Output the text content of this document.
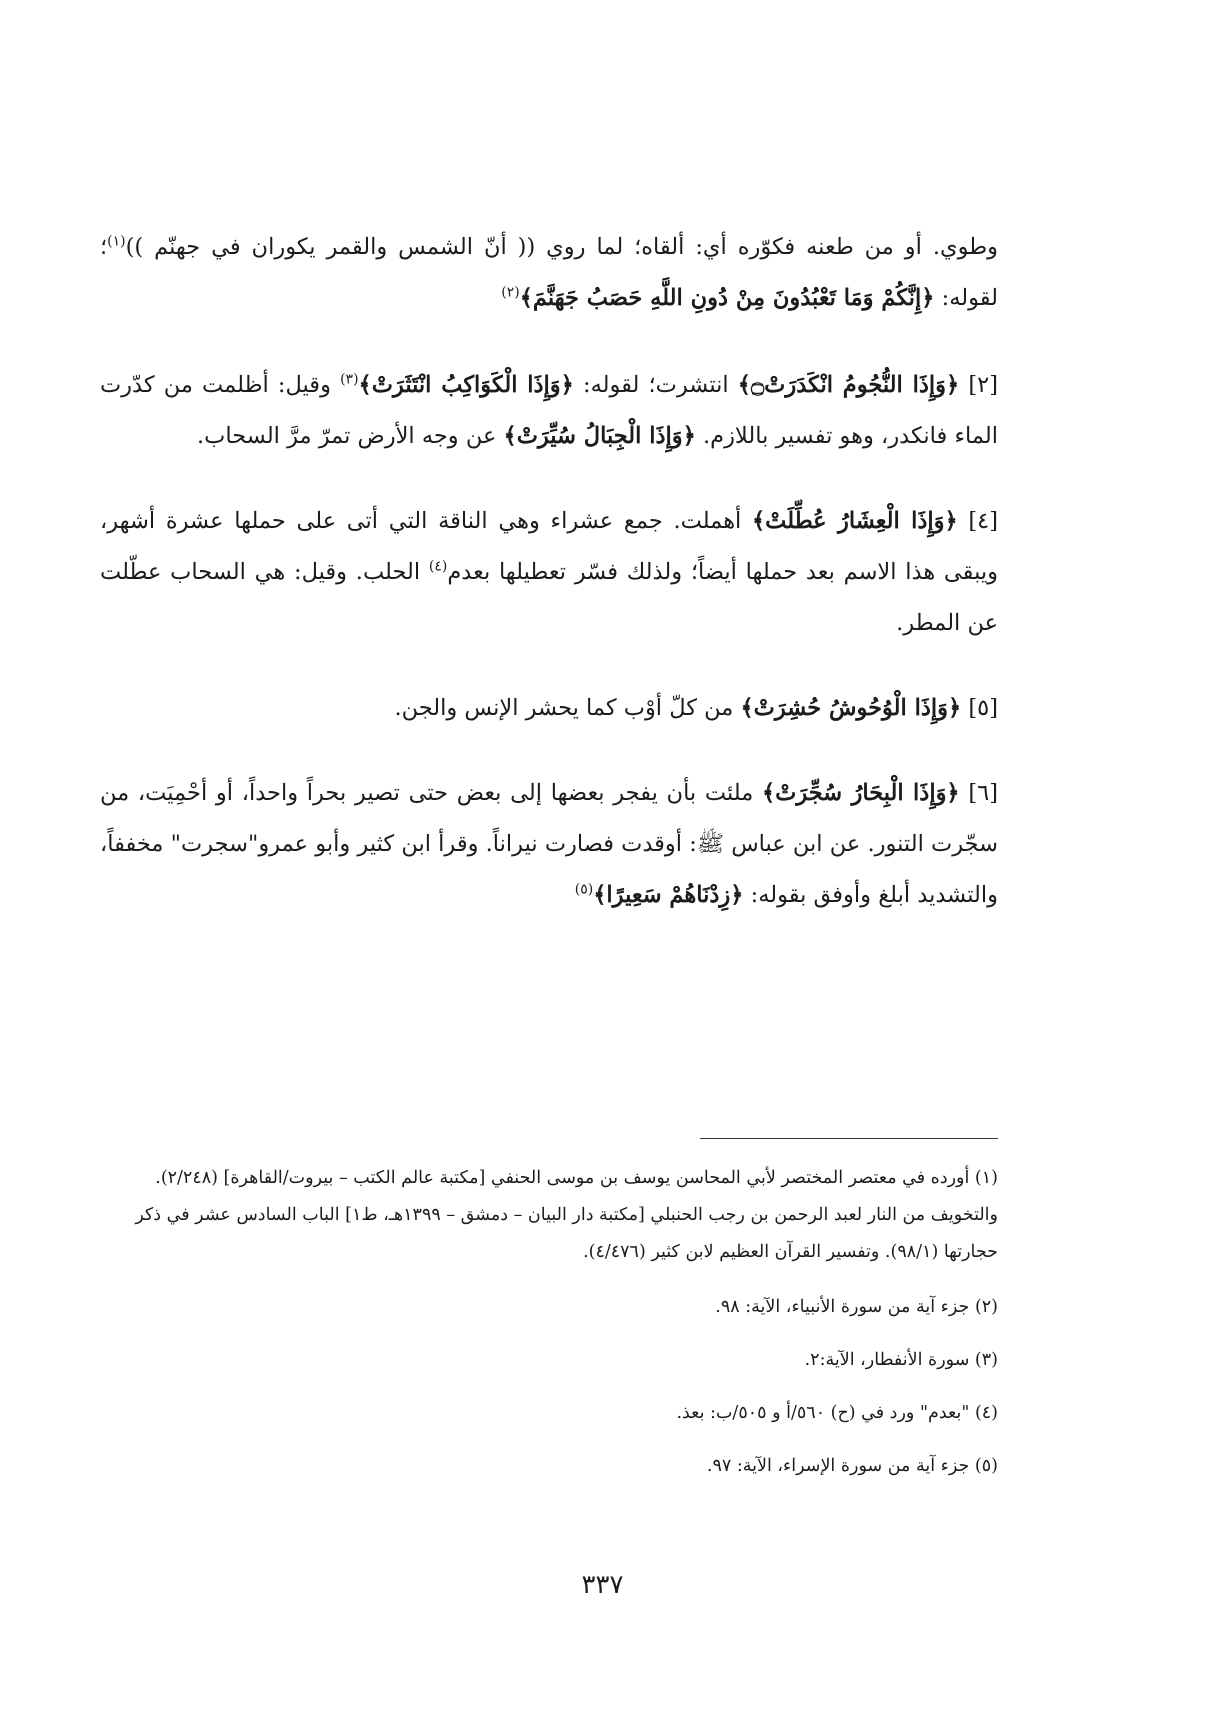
وطوي. أو من طعنه فكوّره أي: ألقاه؛ لما روي (( أنّ الشمس والقمر يكوران في جهنّم ))$^{(١)}$؛ لقوله: ﴿إِنَّكُمْ وَمَا تَعْبُدُونَ مِنْ دُونِ اللَّهِ حَصَبُ جَهَنَّمَ﴾$^{(٢)}$

[٢] ﴿وَإِذَا النُّجُومُ انْكَدَرَتْ۝﴾ انتشرت؛ لقوله: ﴿وَإِذَا الْكَوَاكِبُ انْتَثَرَتْ﴾$^{(٣)}$ وقيل: أظلمت من كدّرت الماء فانكدر، وهو تفسير باللازم. ﴿وَإِذَا الْجِبَالُ سُيِّرَتْ﴾ عن وجه الأرض تمرّ مرَّ السحاب.

[٤] ﴿وَإِذَا الْعِشَارُ عُطِّلَتْ﴾ أهملت. جمع عشراء وهي الناقة التي أتى على حملها عشرة أشهر، ويبقى هذا الاسم بعد حملها أيضاً؛ ولذلك فسّر تعطيلها بعدم$^{(٤)}$ الحلب. وقيل: هي السحاب عطّلت عن المطر.

[٥] ﴿وَإِذَا الْوُحُوشُ حُشِرَتْ﴾ من كلّ أوْب كما يحشر الإنس والجن.

[٦] ﴿وَإِذَا الْبِحَارُ سُجِّرَتْ﴾ ملئت بأن يفجر بعضها إلى بعض حتى تصير بحراً واحداً، أو أحْمِيَت، من سجّرت التنور. عن ابن عباس ﷺ: أوقدت فصارت نيراناً. وقرأ ابن كثير وأبو عمرو"سجرت" مخففاً، والتشديد أبلغ وأوفق بقوله: ﴿زِدْنَاهُمْ سَعِيرًا﴾$^{(٥)}$

(١) أورده في معتصر المختصر لأبي المحاسن يوسف بن موسى الحنفي [مكتبة عالم الكتب – بيروت/القاهرة] (٢/٢٤٨). والتخويف من النار لعبد الرحمن بن رجب الحنبلي [مكتبة دار البيان – دمشق – ١٣٩٩هـ، ط١] الباب السادس عشر في ذكر حجارتها (٩٨/١). وتفسير القرآن العظيم لابن كثير (٤/٤٧٦).

(٢) جزء آية من سورة الأنبياء، الآية: ٩٨.

(٣) سورة الأنفطار، الآية:٢.

(٤) "بعدم" ورد في (ح) ٥٦٠/أ و ٥٠٥/ب: بعذ.

(٥) جزء آية من سورة الإسراء، الآية: ٩٧.

٣٣٧
